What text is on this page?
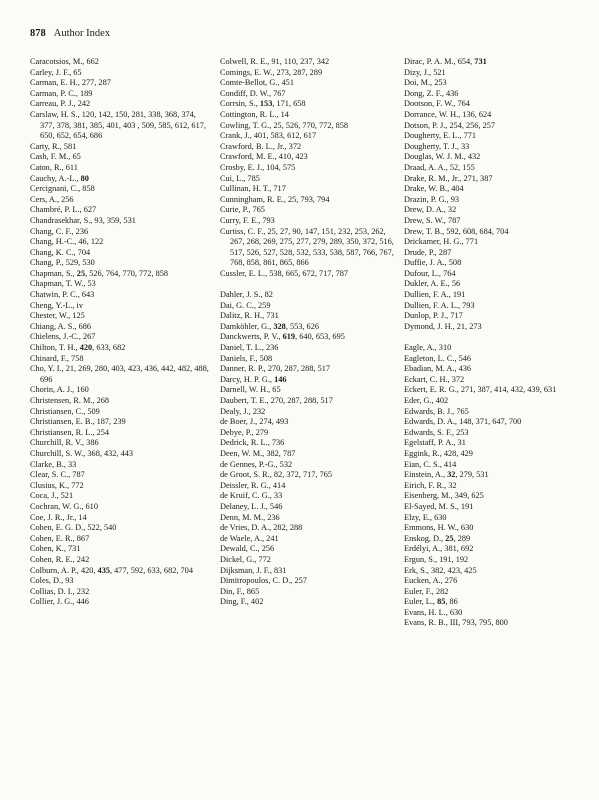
878 Author Index
Caracotsios, M., 662
Carley, J. F., 65
Carman, E. H., 277, 287
Carman, P. C., 189
Carreau, P. J., 242
Carslaw, H. S., 120, 142, 150, 281, 338, 368, 374, 377, 378, 381, 385, 401, 403 , 509, 585, 612, 617, 650, 652, 654, 686
Carty, R., 581
Cash, F. M., 65
Caton, R., 611
Cauchy, A.-L., 80
Cercignani, C., 858
Cers, A., 256
Chambré, P. L., 627
Chandrasekhar, S., 93, 359, 531
Chang, C. F., 236
Chang, H.-C., 46, 122
Chang, K. C., 704
Chang, P., 529, 530
Chapman, S., 25, 526, 764, 770, 772, 858
Chapman, T. W., 53
Chatwin, P. C., 643
Cheng, Y.-L., iv
Chester, W., 125
Chiang, A. S., 686
Chielens, J.-C., 267
Chilton, T. H., 420, 633, 682
Chinard, F., 758
Cho, Y. I., 21, 269, 280, 403, 423, 436, 442, 482, 488, 696
Chorin, A. J., 160
Christensen, R. M., 268
Christiansen, C., 509
Christiansen, E. B., 187, 239
Christiansen, R. L., 254
Churchill, R. V., 386
Churchill, S. W., 368, 432, 443
Clarke, B., 33
Clear, S. C., 787
Clusius, K., 772
Coca, J., 521
Cochran, W. G., 610
Coe, J. R., Jr., 14
Cohen, E. G. D., 522, 540
Cohen, E. R., 867
Cohen, K., 731
Cohen, R. E., 242
Colburn, A. P., 420, 435, 477, 592, 633, 682, 704
Coles, D., 93
Collias, D. I., 232
Collier, J. G., 446
Colwell, R. E., 91, 110, 237, 342
Comings, E. W., 273, 287, 289
Comte-Bellot, G., 451
Condiff, D. W., 767
Corrsin, S., 153, 171, 658
Cottington, R. L., 14
Cowling, T. G., 25, 526, 770, 772, 858
Crank, J., 401, 583, 612, 617
Crawford, B. L., Jr., 372
Crawford, M. E., 410, 423
Crosby, E. J., 104, 575
Cui, L., 785
Cullinan, H. T., 717
Cunningham, R. E., 25, 793, 794
Curie, P., 765
Curry, F. E., 793
Curtiss, C. F., 25, 27, 90, 147, 151, 232, 253, 262, 267, 268, 269, 275, 277, 279, 289, 350, 372, 516, 517, 526, 527, 528, 532, 533, 538, 587, 766, 767, 768, 858, 861, 865, 866
Cussler, E. L., 538, 665, 672, 717, 787
Dahler, J. S., 82
Dai, G. C., 259
Dalitz, R. H., 731
Damköhler, G., 328, 553, 626
Danckwerts, P. V., 619, 640, 653, 695
Daniel, T. L., 236
Daniels, F., 508
Danner, R. P., 270, 287, 288, 517
Darcy, H. P. G., 146
Darnell, W. H., 65
Daubert, T. E., 270, 287, 288, 517
Dealy, J., 232
de Boer, J., 274, 493
Debye, P., 279
Dedrick, R. L., 736
Deen, W. M., 382, 787
de Gennes, P.-G., 532
de Groot, S. R., 82, 372, 717, 765
Deissler, R. G., 414
de Kruif, C. G., 33
Delaney, L. J., 546
Denn, M. M., 236
de Vries, D. A., 282, 288
de Waele, A., 241
Dewald, C., 256
Dickel, G., 772
Dijksman, J. F., 831
Dimitropoulos, C. D., 257
Din, F., 865
Ding, F., 402
Dirac, P. A. M., 654, 731
Dizy, J., 521
Doi, M., 253
Dong, Z. F., 436
Dootson, F. W., 764
Dorrance, W. H., 136, 624
Dotson, P. J., 254, 256, 257
Dougherty, E. L., 771
Dougherty, T. J., 33
Douglas, W. J. M., 432
Draad, A. A., 52, 155
Drake, R. M., Jr., 271, 387
Drake, W. B., 404
Drazin, P. G., 93
Drew, D. A., 32
Drew, S. W., 787
Drew, T. B., 592, 608, 684, 704
Drickamer, H. G., 771
Drude, P., 287
Duffie, J. A., 508
Dufour, L., 764
Dukler, A. E., 56
Dullien, F. A., 191
Dullien, F. A. L., 793
Dunlop, P. J., 717
Dymond, J. H., 21, 273
Eagle, A., 310
Eagleton, L. C., 546
Ebadian, M. A., 436
Eckart, C. H., 372
Eckert, E. R. G., 271, 387, 414, 432, 439, 631
Eder, G., 402
Edwards, B. J., 765
Edwards, D. A., 148, 371, 647, 700
Edwards, S. F., 253
Egelstaff, P. A., 31
Eggink, R., 428, 429
Eian, C. S., 414
Einstein, A., 32, 279, 531
Eirich, F. R., 32
Eisenberg, M., 349, 625
El-Sayed, M. S., 191
Elzy, E., 630
Emmons, H. W., 630
Enskog, D., 25, 289
Erdélyi, A., 381, 692
Ergun, S., 191, 192
Erk, S., 382, 423, 425
Eucken, A., 276
Euler, F., 282
Euler, L., 85, 86
Evans, H. L., 630
Evans, R. B., III, 793, 795, 800
